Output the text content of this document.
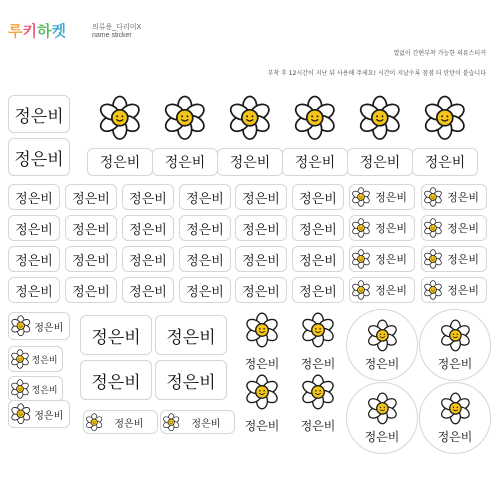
루키하켓	의류용_다리미X
name sticker
열없이 간편부착 가능한 의류스티커
부착 후 12시간이 지난 뒤 사용해 주세요! 시간이 지날수록 점점 더 탄탄이 붙습니다
정은비
정은비	정은비 정은비 정은비 정은비 정은비 정은비
정은비 정은비 정은비 정은비 정은비 정은비
정은비 정은비 정은비 정은비 정은비 정은비
정은비 정은비 정은비 정은비 정은비 정은비
정은비 정은비 정은비 정은비 정은비 정은비
정은비	정은비
정은비	정은비
정은비	정은비
정은비	정은비
정은비
정은비
정은비
정은비
정은비	정은비
정은비 정은비
정은비 정은비
정은비	정은비
정은비	정은비
정은비	정은비
정은비	정은비
